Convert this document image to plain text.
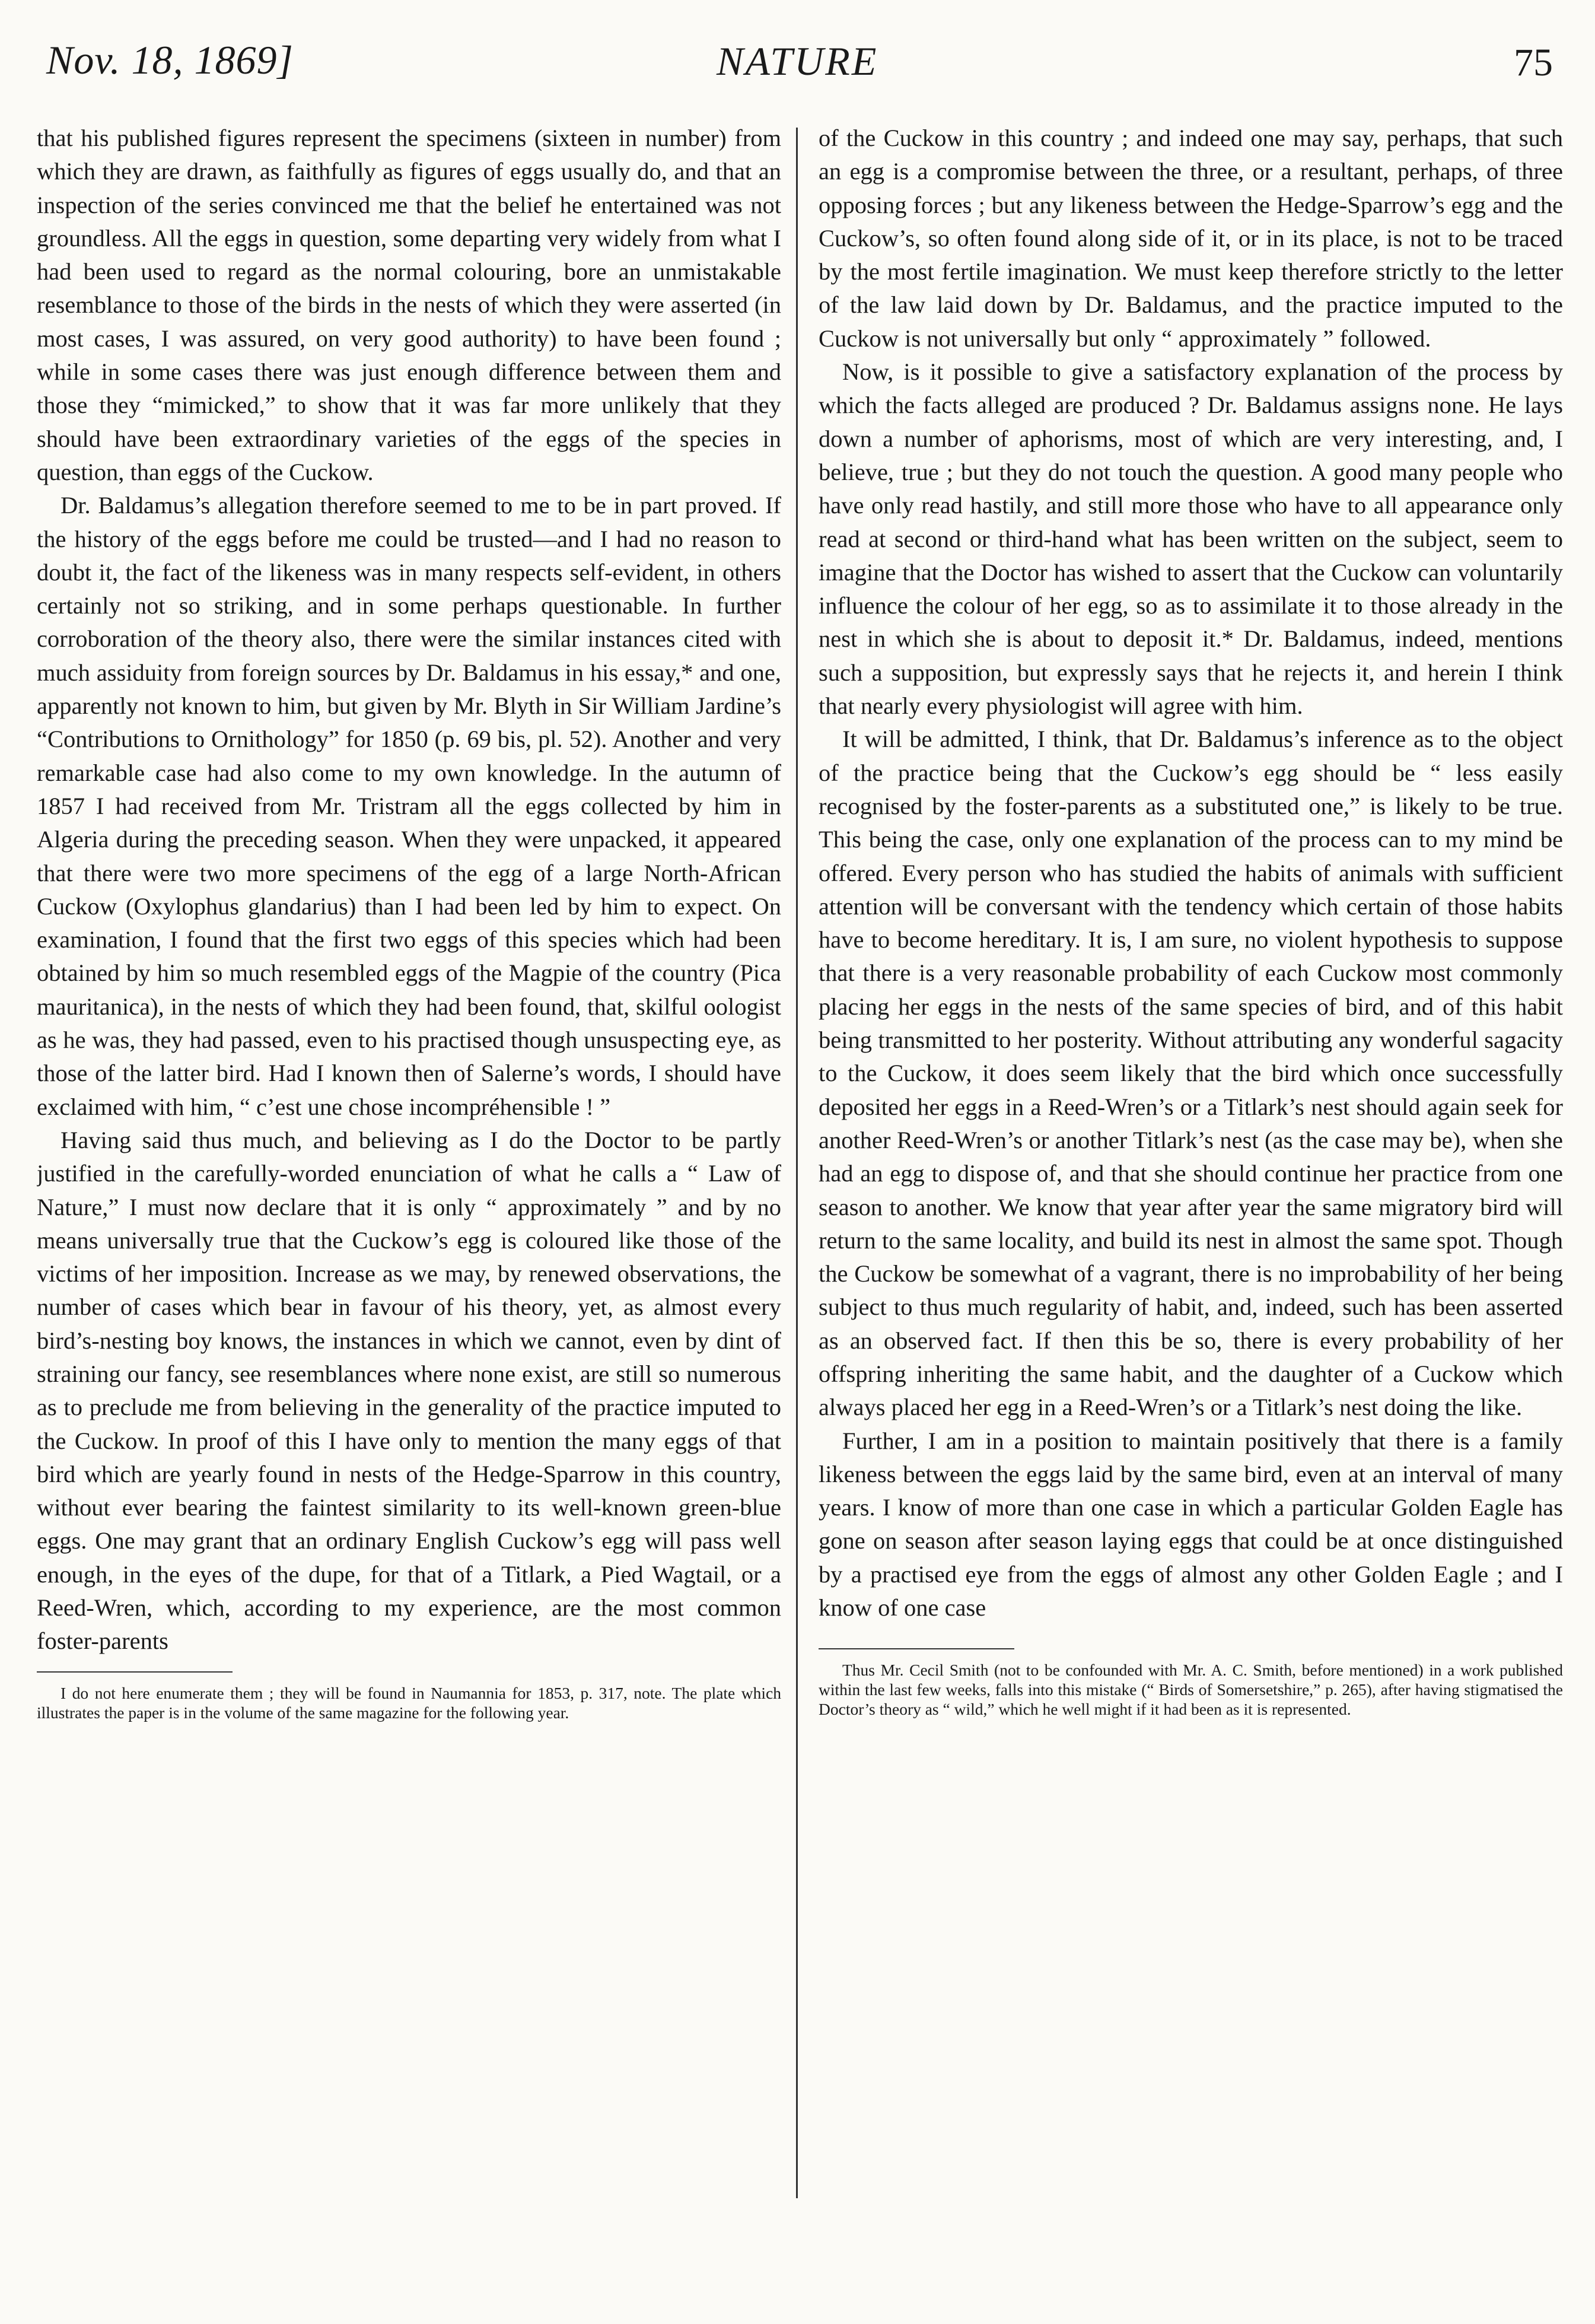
Nov. 18, 1869]	NATURE	75

that his published figures represent the specimens (sixteen in number) from which they are drawn, as faithfully as figures of eggs usually do, and that an inspection of the series convinced me that the belief he entertained was not groundless. All the eggs in question, some departing very widely from what I had been used to regard as the normal colouring, bore an unmistakable resemblance to those of the birds in the nests of which they were asserted (in most cases, I was assured, on very good authority) to have been found ; while in some cases there was just enough difference between them and those they “mimicked,” to show that it was far more unlikely that they should have been extraordinary varieties of the eggs of the species in question, than eggs of the Cuckow.

Dr. Baldamus’s allegation therefore seemed to me to be in part proved. If the history of the eggs before me could be trusted—and I had no reason to doubt it, the fact of the likeness was in many respects self-evident, in others certainly not so striking, and in some perhaps questionable. In further corroboration of the theory also, there were the similar instances cited with much assiduity from foreign sources by Dr. Baldamus in his essay,* and one, apparently not known to him, but given by Mr. Blyth in Sir William Jardine’s “Contributions to Ornithology” for 1850 (p. 69 bis, pl. 52). Another and very remarkable case had also come to my own knowledge. In the autumn of 1857 I had received from Mr. Tristram all the eggs collected by him in Algeria during the preceding season. When they were unpacked, it appeared that there were two more specimens of the egg of a large North-African Cuckow (Oxylophus glandarius) than I had been led by him to expect. On examination, I found that the first two eggs of this species which had been obtained by him so much resembled eggs of the Magpie of the country (Pica mauritanica), in the nests of which they had been found, that, skilful oologist as he was, they had passed, even to his practised though unsuspecting eye, as those of the latter bird. Had I known then of Salerne’s words, I should have exclaimed with him, “ c’est une chose incompréhensible ! ”

Having said thus much, and believing as I do the Doctor to be partly justified in the carefully-worded enunciation of what he calls a “ Law of Nature,” I must now declare that it is only “ approximately ” and by no means universally true that the Cuckow’s egg is coloured like those of the victims of her imposition. Increase as we may, by renewed observations, the number of cases which bear in favour of his theory, yet, as almost every bird’s-nesting boy knows, the instances in which we cannot, even by dint of straining our fancy, see resemblances where none exist, are still so numerous as to preclude me from believing in the generality of the practice imputed to the Cuckow. In proof of this I have only to mention the many eggs of that bird which are yearly found in nests of the Hedge-Sparrow in this country, without ever bearing the faintest similarity to its well-known green-blue eggs. One may grant that an ordinary English Cuckow’s egg will pass well enough, in the eyes of the dupe, for that of a Titlark, a Pied Wagtail, or a Reed-Wren, which, according to my experience, are the most common foster-parents

I do not here enumerate them ; they will be found in Naumannia for 1853, p. 317, note. The plate which illustrates the paper is in the volume of the same magazine for the following year.

of the Cuckow in this country ; and indeed one may say, perhaps, that such an egg is a compromise between the three, or a resultant, perhaps, of three opposing forces ; but any likeness between the Hedge-Sparrow’s egg and the Cuckow’s, so often found along side of it, or in its place, is not to be traced by the most fertile imagination. We must keep therefore strictly to the letter of the law laid down by Dr. Baldamus, and the practice imputed to the Cuckow is not universally but only “ approximately ” followed.

Now, is it possible to give a satisfactory explanation of the process by which the facts alleged are produced ? Dr. Baldamus assigns none. He lays down a number of aphorisms, most of which are very interesting, and, I believe, true ; but they do not touch the question. A good many people who have only read hastily, and still more those who have to all appearance only read at second or third-hand what has been written on the subject, seem to imagine that the Doctor has wished to assert that the Cuckow can voluntarily influence the colour of her egg, so as to assimilate it to those already in the nest in which she is about to deposit it.* Dr. Baldamus, indeed, mentions such a supposition, but expressly says that he rejects it, and herein I think that nearly every physiologist will agree with him.

It will be admitted, I think, that Dr. Baldamus’s inference as to the object of the practice being that the Cuckow’s egg should be “ less easily recognised by the foster-parents as a substituted one,” is likely to be true. This being the case, only one explanation of the process can to my mind be offered. Every person who has studied the habits of animals with sufficient attention will be conversant with the tendency which certain of those habits have to become hereditary. It is, I am sure, no violent hypothesis to suppose that there is a very reasonable probability of each Cuckow most commonly placing her eggs in the nests of the same species of bird, and of this habit being transmitted to her posterity. Without attributing any wonderful sagacity to the Cuckow, it does seem likely that the bird which once successfully deposited her eggs in a Reed-Wren’s or a Titlark’s nest should again seek for another Reed-Wren’s or another Titlark’s nest (as the case may be), when she had an egg to dispose of, and that she should continue her practice from one season to another. We know that year after year the same migratory bird will return to the same locality, and build its nest in almost the same spot. Though the Cuckow be somewhat of a vagrant, there is no improbability of her being subject to thus much regularity of habit, and, indeed, such has been asserted as an observed fact. If then this be so, there is every probability of her offspring inheriting the same habit, and the daughter of a Cuckow which always placed her egg in a Reed-Wren’s or a Titlark’s nest doing the like.

Further, I am in a position to maintain positively that there is a family likeness between the eggs laid by the same bird, even at an interval of many years. I know of more than one case in which a particular Golden Eagle has gone on season after season laying eggs that could be at once distinguished by a practised eye from the eggs of almost any other Golden Eagle ; and I know of one case

Thus Mr. Cecil Smith (not to be confounded with Mr. A. C. Smith, before mentioned) in a work published within the last few weeks, falls into this mistake (“ Birds of Somersetshire,” p. 265), after having stigmatised the Doctor’s theory as “ wild,” which he well might if it had been as it is represented.
